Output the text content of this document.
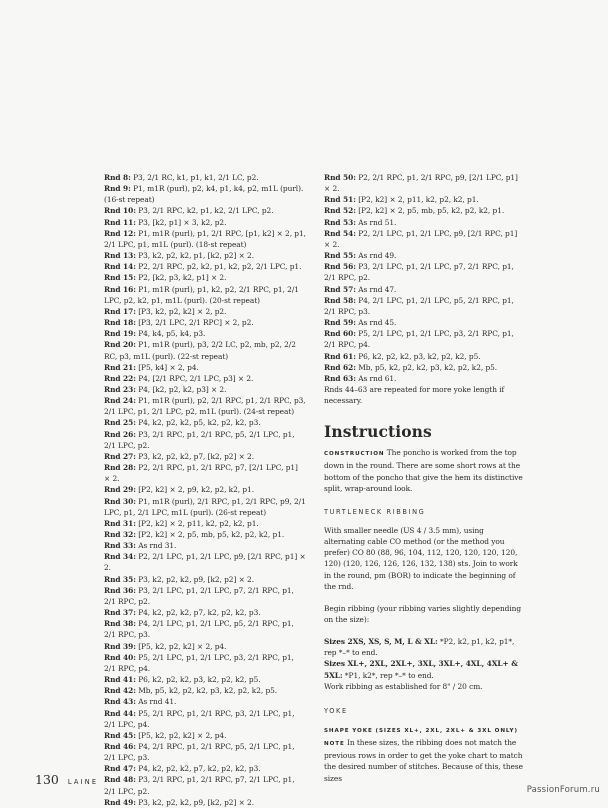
Rnd 8: P3, 2/1 RC, k1, p1, k1, 2/1 LC, p2.

Rnd 9: P1, m1R (purl), p2, k4, p1, k4, p2, m1L (purl). (16-st repeat)

Rnd 10: P3, 2/1 RPC, k2, p1, k2, 2/1 LPC, p2.

Rnd 11: P3, [k2, p1] × 3, k2, p2.

Rnd 12: P1, m1R (purl), p1, 2/1 RPC, [p1, k2] × 2, p1, 2/1 LPC, p1, m1L (purl). (18-st repeat)

Rnd 13: P3, k2, p2, k2, p1, [k2, p2] × 2.

Rnd 14: P2, 2/1 RPC, p2, k2, p1, k2, p2, 2/1 LPC, p1.

Rnd 15: P2, [k2, p3, k2, p1] × 2.

Rnd 16: P1, m1R (purl), p1, k2, p2, 2/1 RPC, p1, 2/1 LPC, p2, k2, p1, m1L (purl). (20-st repeat)

Rnd 17: [P3, k2, p2, k2] × 2, p2.

Rnd 18: [P3, 2/1 LPC, 2/1 RPC] × 2, p2.

Rnd 19: P4, k4, p5, k4, p3.

Rnd 20: P1, m1R (purl), p3, 2/2 LC, p2, mb, p2, 2/2 RC, p3, m1L (purl). (22-st repeat)

Rnd 21: [P5, k4] × 2, p4.

Rnd 22: P4, [2/1 RPC, 2/1 LPC, p3] × 2.

Rnd 23: P4, [k2, p2, k2, p3] × 2.

Rnd 24: P1, m1R (purl), p2, 2/1 RPC, p1, 2/1 RPC, p3, 2/1 LPC, p1, 2/1 LPC, p2, m1L (purl). (24-st repeat)

Rnd 25: P4, k2, p2, k2, p5, k2, p2, k2, p3.

Rnd 26: P3, 2/1 RPC, p1, 2/1 RPC, p5, 2/1 LPC, p1, 2/1 LPC, p2.

Rnd 27: P3, k2, p2, k2, p7, [k2, p2] × 2.

Rnd 28: P2, 2/1 RPC, p1, 2/1 RPC, p7, [2/1 LPC, p1] × 2.

Rnd 29: [P2, k2] × 2, p9, k2, p2, k2, p1.

Rnd 30: P1, m1R (purl), 2/1 RPC, p1, 2/1 RPC, p9, 2/1 LPC, p1, 2/1 LPC, m1L (purl). (26-st repeat)

Rnd 31: [P2, k2] × 2, p11, k2, p2, k2, p1.

Rnd 32: [P2, k2] × 2, p5, mb, p5, k2, p2, k2, p1.

Rnd 33: As rnd 31.

Rnd 34: P2, 2/1 LPC, p1, 2/1 LPC, p9, [2/1 RPC, p1] × 2.

Rnd 35: P3, k2, p2, k2, p9, [k2, p2] × 2.

Rnd 36: P3, 2/1 LPC, p1, 2/1 LPC, p7, 2/1 RPC, p1, 2/1 RPC, p2.

Rnd 37: P4, k2, p2, k2, p7, k2, p2, k2, p3.

Rnd 38: P4, 2/1 LPC, p1, 2/1 LPC, p5, 2/1 RPC, p1, 2/1 RPC, p3.

Rnd 39: [P5, k2, p2, k2] × 2, p4.

Rnd 40: P5, 2/1 LPC, p1, 2/1 LPC, p3, 2/1 RPC, p1, 2/1 RPC, p4.

Rnd 41: P6, k2, p2, k2, p3, k2, p2, k2, p5.

Rnd 42: Mb, p5, k2, p2, k2, p3, k2, p2, k2, p5.

Rnd 43: As rnd 41.

Rnd 44: P5, 2/1 RPC, p1, 2/1 RPC, p3, 2/1 LPC, p1, 2/1 LPC, p4.

Rnd 45: [P5, k2, p2, k2] × 2, p4.

Rnd 46: P4, 2/1 RPC, p1, 2/1 RPC, p5, 2/1 LPC, p1, 2/1 LPC, p3.

Rnd 47: P4, k2, p2, k2, p7, k2, p2, k2, p3.

Rnd 48: P3, 2/1 RPC, p1, 2/1 RPC, p7, 2/1 LPC, p1, 2/1 LPC, p2.

Rnd 49: P3, k2, p2, k2, p9, [k2, p2] × 2.

Rnd 50: P2, 2/1 RPC, p1, 2/1 RPC, p9, [2/1 LPC, p1] × 2.

Rnd 51: [P2, k2] × 2, p11, k2, p2, k2, p1.

Rnd 52: [P2, k2] × 2, p5, mb, p5, k2, p2, k2, p1.

Rnd 53: As rnd 51.

Rnd 54: P2, 2/1 LPC, p1, 2/1 LPC, p9, [2/1 RPC, p1] × 2.

Rnd 55: As rnd 49.

Rnd 56: P3, 2/1 LPC, p1, 2/1 LPC, p7, 2/1 RPC, p1, 2/1 RPC, p2.

Rnd 57: As rnd 47.

Rnd 58: P4, 2/1 LPC, p1, 2/1 LPC, p5, 2/1 RPC, p1, 2/1 RPC, p3.

Rnd 59: As rnd 45.

Rnd 60: P5, 2/1 LPC, p1, 2/1 LPC, p3, 2/1 RPC, p1, 2/1 RPC, p4.

Rnd 61: P6, k2, p2, k2, p3, k2, p2, k2, p5.

Rnd 62: Mb, p5, k2, p2, k2, p3, k2, p2, k2, p5.

Rnd 63: As rnd 61.

Rnds 44–63 are repeated for more yoke length if necessary.

Instructions

CONSTRUCTION The poncho is worked from the top down in the round. There are some short rows at the bottom of the poncho that give the hem its distinctive split, wrap-around look.

TURTLENECK RIBBING

With smaller needle (US 4 / 3.5 mm), using alternating cable CO method (or the method you prefer) CO 80 (88, 96, 104, 112, 120, 120, 120, 120, 120) (120, 126, 126, 126, 132, 138) sts. Join to work in the round, pm (BOR) to indicate the beginning of the rnd.

Begin ribbing (your ribbing varies slightly depending on the size):

Sizes 2XS, XS, S, M, L & XL: *P2, k2, p1, k2, p1*, rep *–* to end.

Sizes XL+, 2XL, 2XL+, 3XL, 3XL+, 4XL, 4XL+ & 5XL: *P1, k2*, rep *–* to end.

Work ribbing as established for 8" / 20 cm.

YOKE

SHAPE YOKE (SIZES XL+, 2XL, 2XL+ & 3XL ONLY)

NOTE In these sizes, the ribbing does not match the previous rows in order to get the yoke chart to match the desired number of stitches. Because of this, these sizes

130 LAINE
PassionForum.ru
